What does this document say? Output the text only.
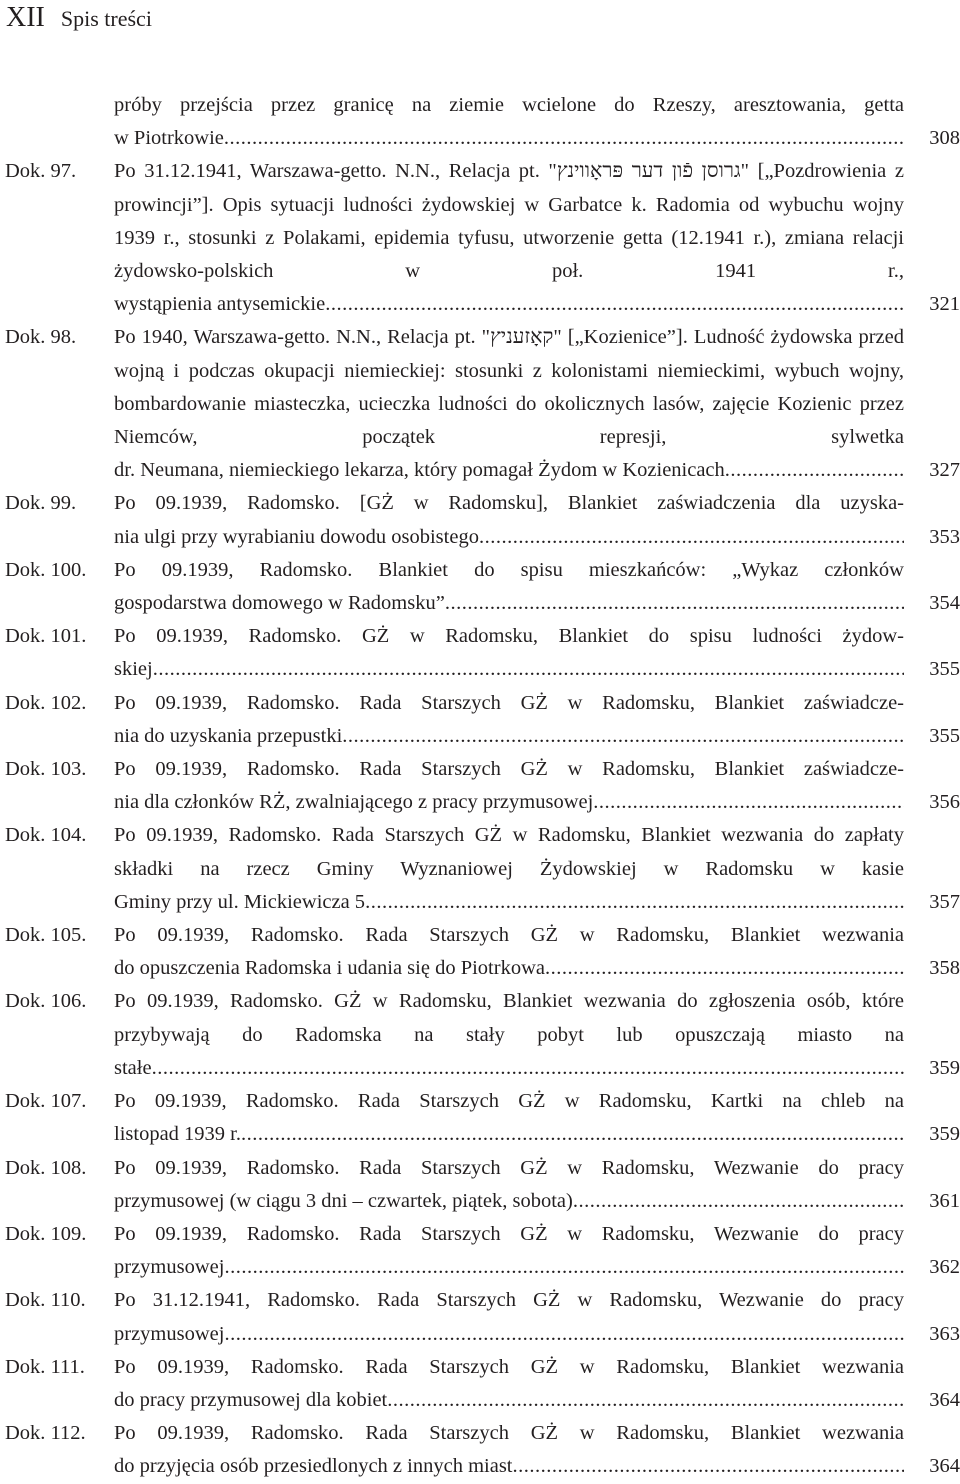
XII Spis treści
próby przejścia przez granicę na ziemie wcielone do Rzeszy, aresztowania, getta
w Piotrkowie .....	308
Dok. 97. Po 31.12.1941, Warszawa-getto. N.N., Relacja pt. "גרוסן פֿון דער פּראָווינץ" [„Pozdrowienia z prowincji”]. Opis sytuacji ludności żydowskiej w Garbatce k. Radomia od wybuchu wojny 1939 r., stosunki z Polakami, epidemia tyfusu, utworzenie getta (12.1941 r.), zmiana relacji żydowsko-polskich w poł. 1941 r.,
wystąpienia antysemickie .....	321
Dok. 98. Po 1940, Warszawa-getto. N.N., Relacja pt. "קאָזעניץ" [„Kozienice”]. Ludność żydowska przed wojną i podczas okupacji niemieckiej: stosunki z kolonistami niemieckimi, wybuch wojny, bombardowanie miasteczka, ucieczka ludności do okolicznych lasów, zajęcie Kozienic przez Niemców, początek represji, sylwetka
dr. Neumana, niemieckiego lekarza, który pomagał Żydom w Kozienicach .....	327
Dok. 99. Po 09.1939, Radomsko. [GŻ w Radomsku], Blankiet zaświadczenia dla uzyska-
nia ulgi przy wyrabianiu dowodu osobistego .....	353
Dok. 100. Po 09.1939, Radomsko. Blankiet do spisu mieszkańców: „Wykaz członków
gospodarstwa domowego w Radomsku” .....	354
Dok. 101. Po 09.1939, Radomsko. GŻ w Radomsku, Blankiet do spisu ludności żydow-
skiej .....	355
Dok. 102. Po 09.1939, Radomsko. Rada Starszych GŻ w Radomsku, Blankiet zaświadcze-
nia do uzyskania przepustki .....	355
Dok. 103. Po 09.1939, Radomsko. Rada Starszych GŻ w Radomsku, Blankiet zaświadcze-
nia dla członków RŻ, zwalniającego z pracy przymusowej .....	356
Dok. 104. Po 09.1939, Radomsko. Rada Starszych GŻ w Radomsku, Blankiet wezwania do zapłaty składki na rzecz Gminy Wyznaniowej Żydowskiej w Radomsku w kasie
Gminy przy ul. Mickiewicza 5 .....	357
Dok. 105. Po 09.1939, Radomsko. Rada Starszych GŻ w Radomsku, Blankiet wezwania
do opuszczenia Radomska i udania się do Piotrkowa .....	358
Dok. 106. Po 09.1939, Radomsko. GŻ w Radomsku, Blankiet wezwania do zgłoszenia osób, które przybywają do Radomska na stały pobyt lub opuszczają miasto na
stałe .....	359
Dok. 107. Po 09.1939, Radomsko. Rada Starszych GŻ w Radomsku, Kartki na chleb na
listopad 1939 r. .....	359
Dok. 108. Po 09.1939, Radomsko. Rada Starszych GŻ w Radomsku, Wezwanie do pracy
przymusowej (w ciągu 3 dni – czwartek, piątek, sobota) .....	361
Dok. 109. Po 09.1939, Radomsko. Rada Starszych GŻ w Radomsku, Wezwanie do pracy
przymusowej .....	362
Dok. 110. Po 31.12.1941, Radomsko. Rada Starszych GŻ w Radomsku, Wezwanie do pracy
przymusowej .....	363
Dok. 111. Po 09.1939, Radomsko. Rada Starszych GŻ w Radomsku, Blankiet wezwania
do pracy przymusowej dla kobiet .....	364
Dok. 112. Po 09.1939, Radomsko. Rada Starszych GŻ w Radomsku, Blankiet wezwania
do przyjęcia osób przesiedlonych z innych miast .....	364
